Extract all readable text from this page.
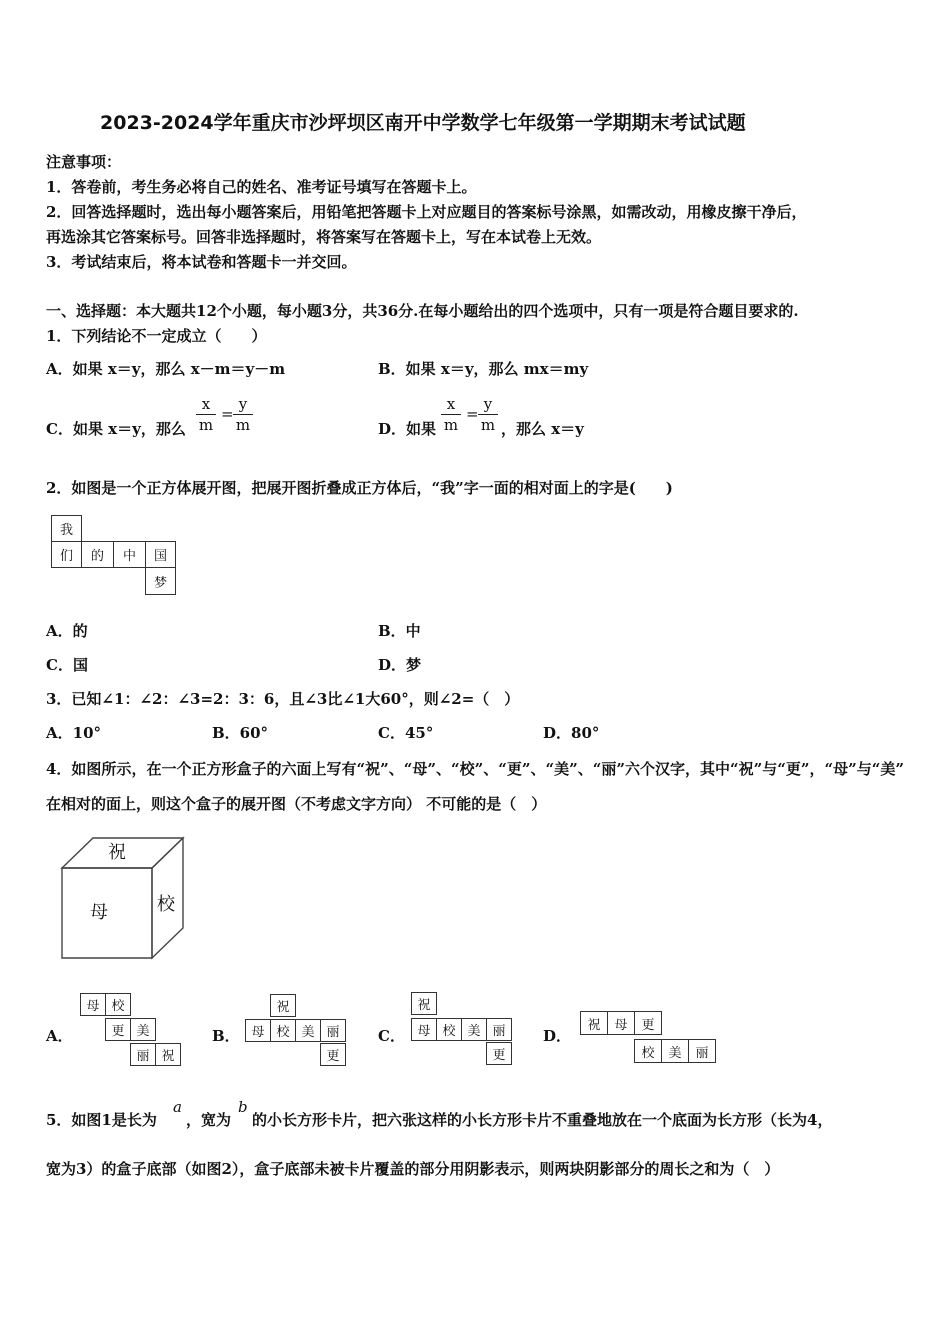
2023-2024学年重庆市沙坪坝区南开中学数学七年级第一学期期末考试试题
注意事项：
1．答卷前，考生务必将自己的姓名、准考证号填写在答题卡上。
2．回答选择题时，选出每小题答案后，用铅笔把答题卡上对应题目的答案标号涂黑，如需改动，用橡皮擦干净后，
再选涂其它答案标号。回答非选择题时，将答案写在答题卡上，写在本试卷上无效。
3．考试结束后，将本试卷和答题卡一并交回。
一、选择题：本大题共12个小题，每小题3分，共36分.在每小题给出的四个选项中，只有一项是符合题目要求的.
1．下列结论不一定成立（　　）
A．如果 x＝y，那么 x－m＝y－m	B．如果 x＝y，那么 mx＝my
C．如果 x＝y，那么
x
m
=
y
m	D．如果
x
m
=
y
m ，那么 x＝y
2．如图是一个正方体展开图，把展开图折叠成正方体后，“我”字一面的相对面上的字是(　　)
我
们	的	中	国
梦
A．的	B．中
C．国	D．梦
3．已知∠1：∠2：∠3=2：3：6，且∠3比∠1大60°，则∠2=（　）
A．10°	B．60°	C．45°	D．80°
4．如图所示，在一个正方形盒子的六面上写有“祝”、“母”、“校”、“更”、“美”、“丽”六个汉字，其中“祝”与“更”，“母”与“美”
在相对的面上，则这个盒子的展开图（不考虑文字方向） 不可能的是（　）
祝
母	校
A．
母 校
更 美
丽 祝
B．
祝
母 校 美 丽
更
C．
祝
母 校 美 丽
更
D．
祝	母	更
校	美	丽
5．如图1是长为
a
，宽为
b
的小长方形卡片，把六张这样的小长方形卡片不重叠地放在一个底面为长方形（长为4，
宽为3）的盒子底部（如图2），盒子底部未被卡片覆盖的部分用阴影表示，则两块阴影部分的周长之和为（　）
